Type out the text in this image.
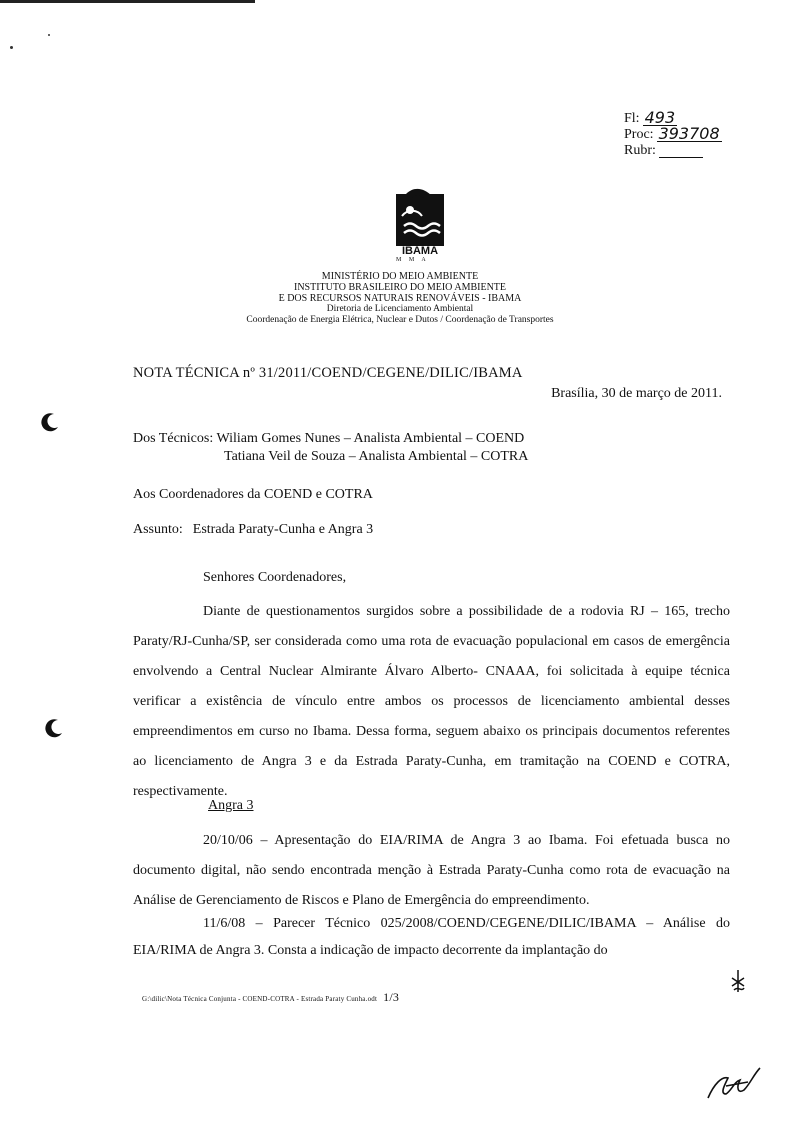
Fl: 493
Proc: 393708
Rubr:

IBAMA
M M A
MINISTÉRIO DO MEIO AMBIENTE
INSTITUTO BRASILEIRO DO MEIO AMBIENTE
E DOS RECURSOS NATURAIS RENOVÁVEIS - IBAMA
Diretoria de Licenciamento Ambiental
Coordenação de Energia Elétrica, Nuclear e Dutos / Coordenação de Transportes
NOTA TÉCNICA nº 31/2011/COEND/CEGENE/DILIC/IBAMA
Brasília, 30 de março de 2011.
Dos Técnicos: Wiliam Gomes Nunes – Analista Ambiental – COEND
Tatiana Veil de Souza – Analista Ambiental – COTRA
Aos Coordenadores da COEND e COTRA
Assunto: Estrada Paraty-Cunha e Angra 3
Senhores Coordenadores,
Diante de questionamentos surgidos sobre a possibilidade de a rodovia RJ – 165, trecho Paraty/RJ-Cunha/SP, ser considerada como uma rota de evacuação populacional em casos de emergência envolvendo a Central Nuclear Almirante Álvaro Alberto- CNAAA, foi solicitada à equipe técnica verificar a existência de vínculo entre ambos os processos de licenciamento ambiental desses empreendimentos em curso no Ibama. Dessa forma, seguem abaixo os principais documentos referentes ao licenciamento de Angra 3 e da Estrada Paraty-Cunha, em tramitação na COEND e COTRA, respectivamente.
Angra 3
20/10/06 – Apresentação do EIA/RIMA de Angra 3 ao Ibama. Foi efetuada busca no documento digital, não sendo encontrada menção à Estrada Paraty-Cunha como rota de evacuação na Análise de Gerenciamento de Riscos e Plano de Emergência do empreendimento.
11/6/08 – Parecer Técnico 025/2008/COEND/CEGENE/DILIC/IBAMA – Análise do EIA/RIMA de Angra 3. Consta a indicação de impacto decorrente da implantação do
G:\dilic\Nota Técnica Conjunta - COEND-COTRA - Estrada Paraty Cunha.odt 1/3
